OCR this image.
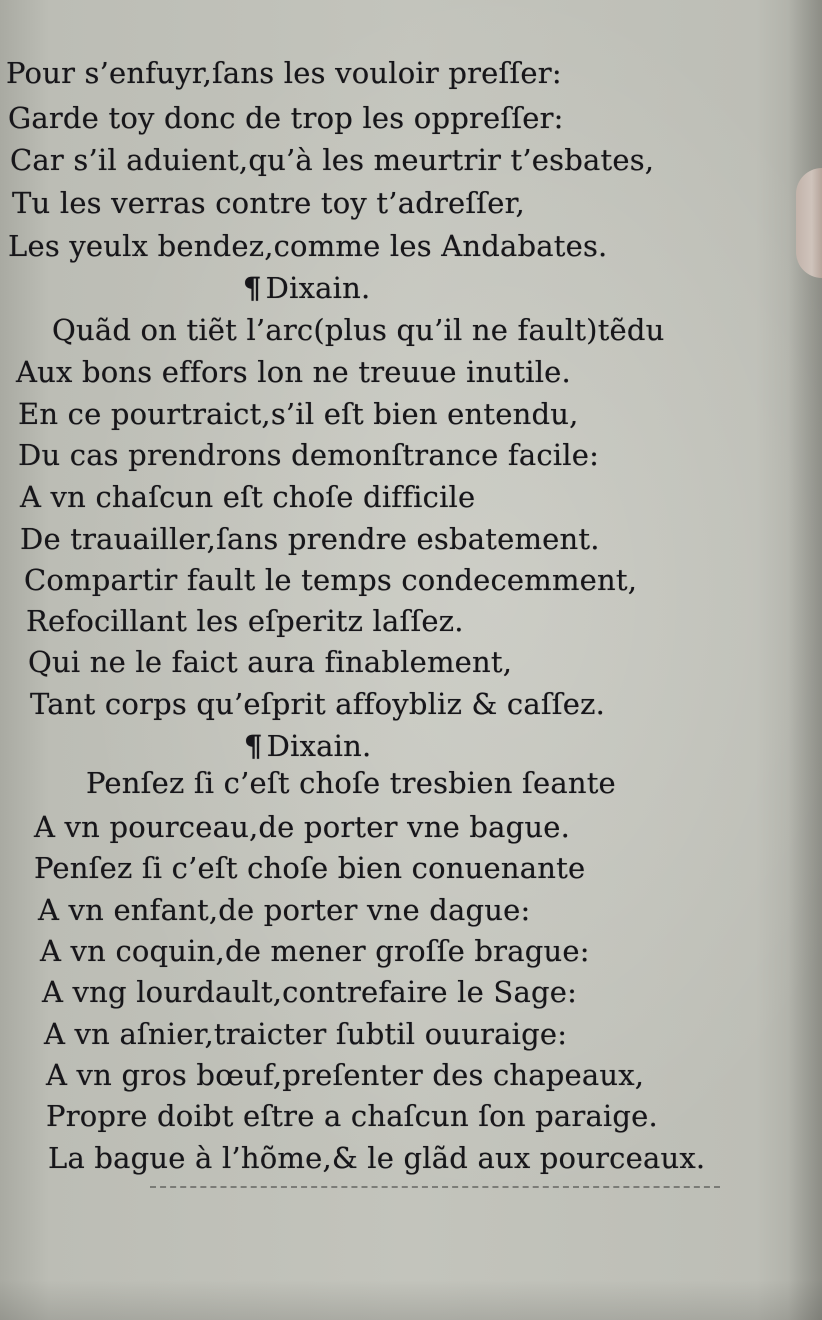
Pour s’enfuyr,ſans les vouloir preſſer:
Garde toy donc de trop les oppreſſer:
Car s’il aduient,qu’à les meurtrir t’esbates,
Tu les verras contre toy t’adreſſer,
Les yeulx bendez,comme les Andabates.
¶ Dixain.
Quãd on tiẽt l’arc(plus qu’il ne fault)tẽdu
Aux bons effors lon ne treuue inutile.
En ce pourtraict,s’il eſt bien entendu,
Du cas prendrons demonſtrance facile:
A vn chaſcun eſt choſe difficile
De trauailler,ſans prendre esbatement.
Compartir fault le temps condecemment,
Refocillant les eſperitz laſſez.
Qui ne le faict aura finablement,
Tant corps qu’eſprit affoybliz & caſſez.
¶ Dixain.
Penſez ſi c’eſt choſe tresbien ſeante
A vn pourceau,de porter vne bague.
Penſez ſi c’eſt choſe bien conuenante
A vn enfant,de porter vne dague:
A vn coquin,de mener groſſe brague:
A vng lourdault,contrefaire le Sage:
A vn aſnier,traicter ſubtil ouuraige:
A vn gros bœuf,preſenter des chapeaux,
Propre doibt eſtre a chaſcun ſon paraige.
La bague à l’hõme,& le glãd aux pourceaux.
